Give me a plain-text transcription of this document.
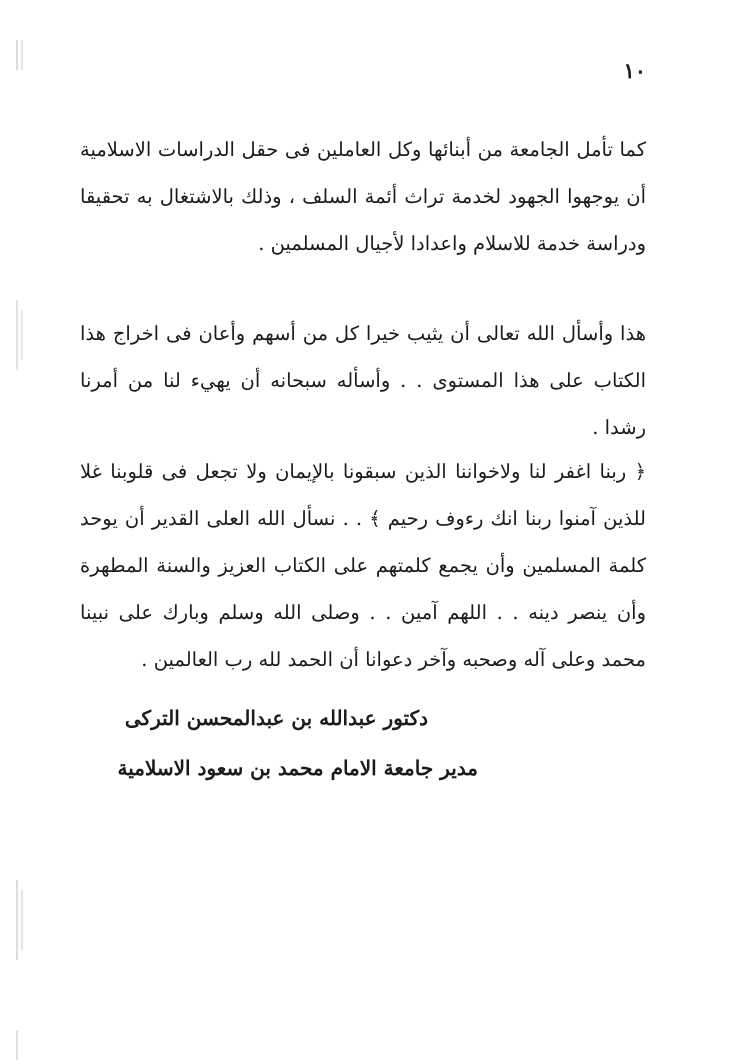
١٠

كما تأمل الجامعة من أبنائها وكل العاملين فى حقل الدراسات الاسلامية أن يوجهوا الجهود لخدمة تراث أئمة السلف ، وذلك بالاشتغال به تحقيقا ودراسة خدمة للاسلام واعدادا لأجيال المسلمين .

هذا وأسأل الله تعالى أن يثيب خيرا كل من أسهم وأعان فى اخراج هذا الكتاب على هذا المستوى . . وأسأله سبحانه أن يهيء لنا من أمرنا رشدا .

﴿ ربنا اغفر لنا ولاخواننا الذين سبقونا بالإيمان ولا تجعل فى قلوبنا غلا للذين آمنوا ربنا انك رءوف رحيم ﴾ . . نسأل الله العلى القدير أن يوحد كلمة المسلمين وأن يجمع كلمتهم على الكتاب العزيز والسنة المطهرة وأن ينصر دينه . . اللهم آمين . . وصلى الله وسلم وبارك على نبينا محمد وعلى آله وصحبه وآخر دعوانا أن الحمد لله رب العالمين .

دكتور عبدالله بن عبدالمحسن التركى
مدير جامعة الامام محمد بن سعود الاسلامية
